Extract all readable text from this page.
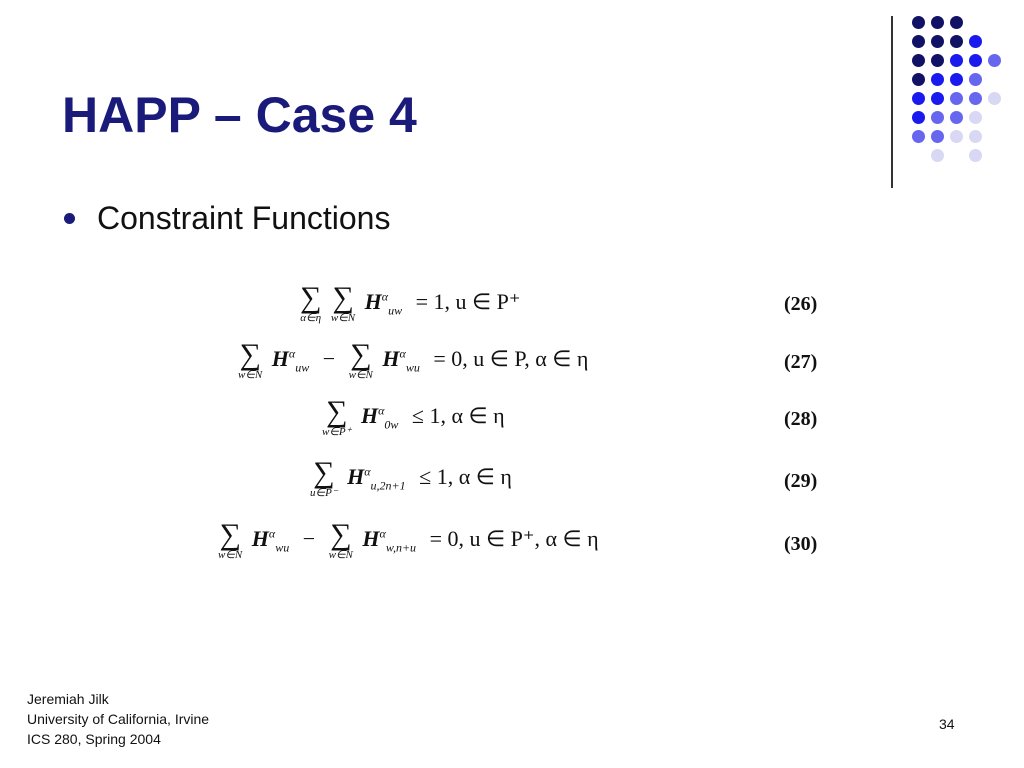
HAPP – Case 4
Constraint Functions
∑
α∈η

∑
w∈N
$H^\alpha_{uw} = 1$, u ∈ P⁺	(26)
∑
w∈N
$H^\alpha_{uw}$ − ∑
w∈N
$H^\alpha_{wu} = 0$, u ∈ P, α ∈ η	(27)
∑
w∈P⁺
$H^\alpha_{0w} \le 1$, α ∈ η	(28)
∑
u∈P⁻
$H^\alpha_{u,2n+1} \le 1$, α ∈ η	(29)
∑
w∈N
$H^\alpha_{wu}$ − ∑
w∈N
$H^\alpha_{w,n+u} = 0$, u ∈ P⁺, α ∈ η	(30)
Jeremiah Jilk
University of California, Irvine
ICS 280, Spring 2004
34
